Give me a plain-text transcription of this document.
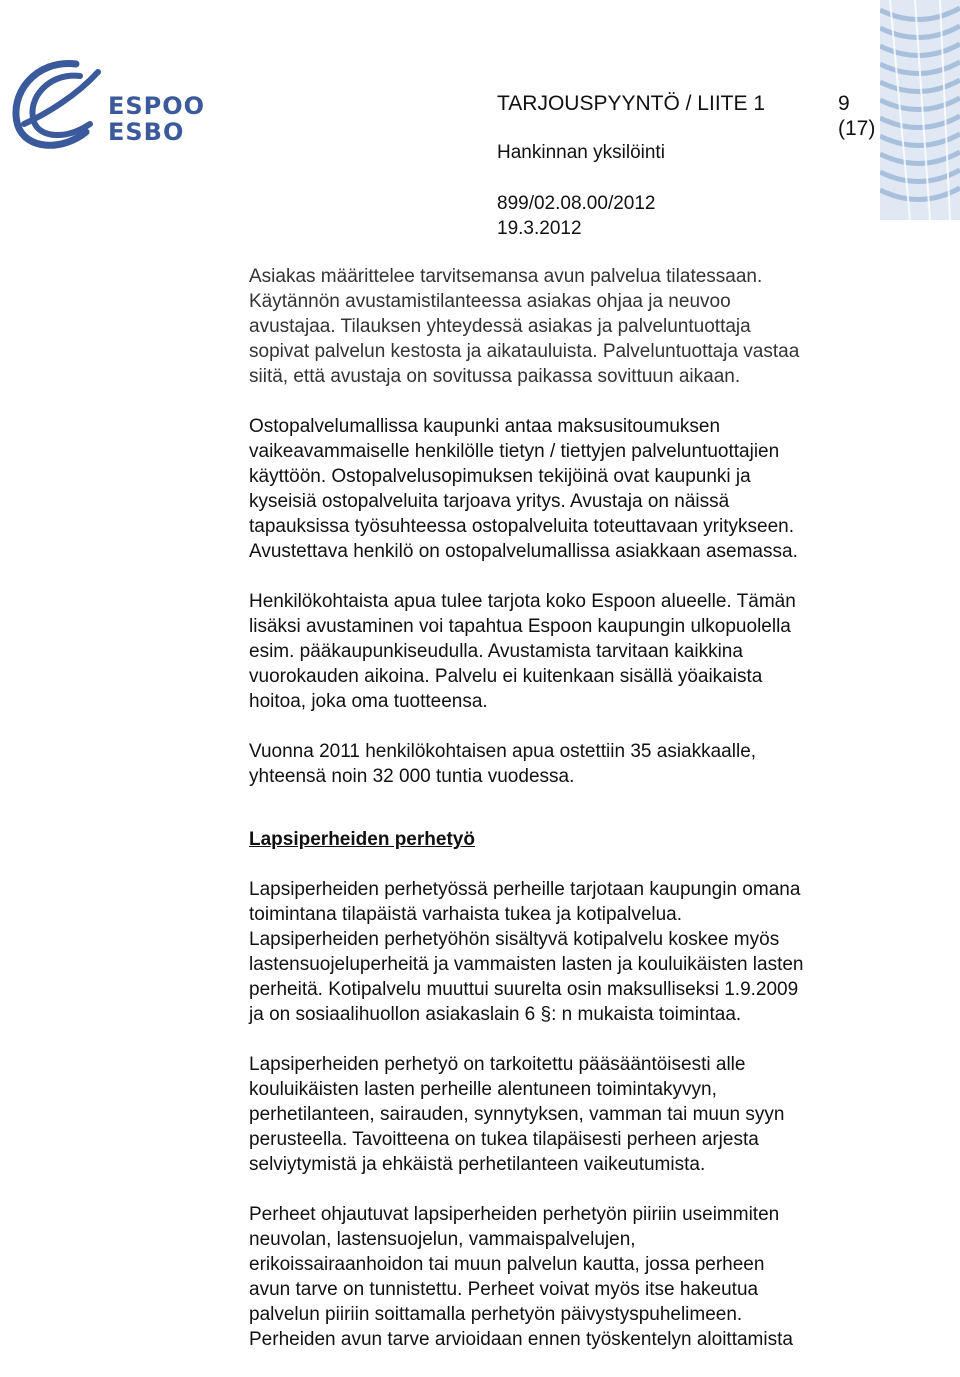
ESPOO
ESBO
TARJOUSPYYNTÖ / LIITE 1	9
(17)
Hankinnan yksilöinti
899/02.08.00/2012
19.3.2012
Asiakas määrittelee tarvitsemansa avun palvelua tilatessaan.
Käytännön avustamistilanteessa asiakas ohjaa ja neuvoo
avustajaa. Tilauksen yhteydessä asiakas ja palveluntuottaja
sopivat palvelun kestosta ja aikatauluista. Palveluntuottaja vastaa
siitä, että avustaja on sovitussa paikassa sovittuun aikaan.
Ostopalvelumallissa kaupunki antaa maksusitoumuksen
vaikeavammaiselle henkilölle tietyn / tiettyjen palveluntuottajien
käyttöön. Ostopalvelusopimuksen tekijöinä ovat kaupunki ja
kyseisiä ostopalveluita tarjoava yritys. Avustaja on näissä
tapauksissa työsuhteessa ostopalveluita toteuttavaan yritykseen.
Avustettava henkilö on ostopalvelumallissa asiakkaan asemassa.
Henkilökohtaista apua tulee tarjota koko Espoon alueelle. Tämän
lisäksi avustaminen voi tapahtua Espoon kaupungin ulkopuolella
esim. pääkaupunkiseudulla. Avustamista tarvitaan kaikkina
vuorokauden aikoina. Palvelu ei kuitenkaan sisällä yöaikaista
hoitoa, joka oma tuotteensa.
Vuonna 2011 henkilökohtaisen apua ostettiin 35 asiakkaalle,
yhteensä noin 32 000 tuntia vuodessa.
Lapsiperheiden perhetyö
Lapsiperheiden perhetyössä perheille tarjotaan kaupungin omana
toimintana tilapäistä varhaista tukea ja kotipalvelua.
Lapsiperheiden perhetyöhön sisältyvä kotipalvelu koskee myös
lastensuojeluperheitä ja vammaisten lasten ja kouluikäisten lasten
perheitä. Kotipalvelu muuttui suurelta osin maksulliseksi 1.9.2009
ja on sosiaalihuollon asiakaslain 6 §: n mukaista toimintaa.
Lapsiperheiden perhetyö on tarkoitettu pääsääntöisesti alle
kouluikäisten lasten perheille alentuneen toimintakyvyn,
perhetilanteen, sairauden, synnytyksen, vamman tai muun syyn
perusteella. Tavoitteena on tukea tilapäisesti perheen arjesta
selviytymistä ja ehkäistä perhetilanteen vaikeutumista.
Perheet ohjautuvat lapsiperheiden perhetyön piiriin useimmiten
neuvolan, lastensuojelun, vammaispalvelujen,
erikoissairaanhoidon tai muun palvelun kautta, jossa perheen
avun tarve on tunnistettu. Perheet voivat myös itse hakeutua
palvelun piiriin soittamalla perhetyön päivystyspuhelimeen.
Perheiden avun tarve arvioidaan ennen työskentelyn aloittamista
